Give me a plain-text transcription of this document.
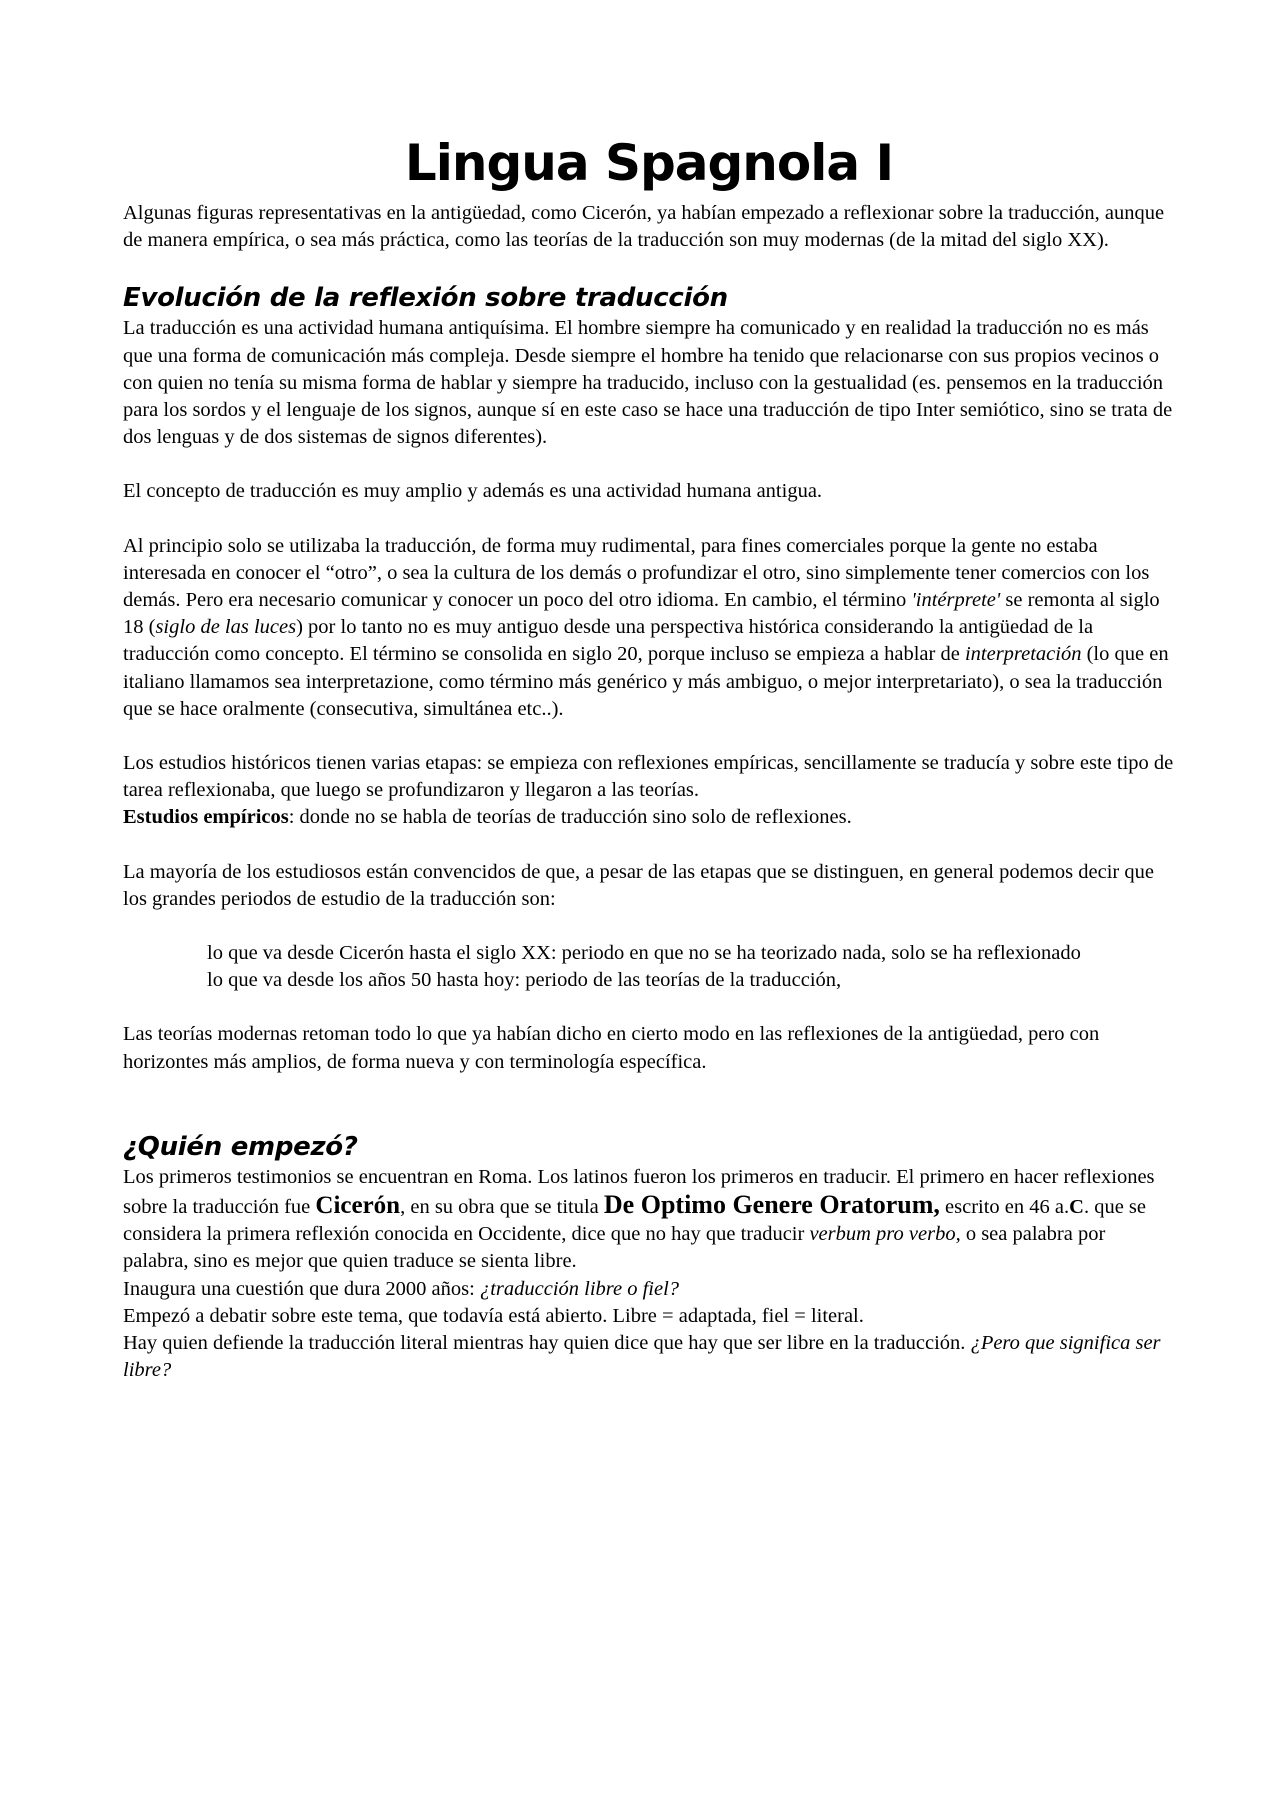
Lingua Spagnola I

Algunas figuras representativas en la antigüedad, como Cicerón, ya habían empezado a reflexionar sobre la traducción, aunque de manera empírica, o sea más práctica, como las teorías de la traducción son muy modernas (de la mitad del siglo XX).

Evolución de la reflexión sobre traducción

La traducción es una actividad humana antiquísima. El hombre siempre ha comunicado y en realidad la traducción no es más que una forma de comunicación más compleja. Desde siempre el hombre ha tenido que relacionarse con sus propios vecinos o con quien no tenía su misma forma de hablar y siempre ha traducido, incluso con la gestualidad (es. pensemos en la traducción para los sordos y el lenguaje de los signos, aunque sí en este caso se hace una traducción de tipo Inter semiótico, sino se trata de dos lenguas y de dos sistemas de signos diferentes).

El concepto de traducción es muy amplio y además es una actividad humana antigua.

Al principio solo se utilizaba la traducción, de forma muy rudimental, para fines comerciales porque la gente no estaba interesada en conocer el “otro”, o sea la cultura de los demás o profundizar el otro, sino simplemente tener comercios con los demás. Pero era necesario comunicar y conocer un poco del otro idioma. En cambio, el término 'intérprete' se remonta al siglo 18 (siglo de las luces) por lo tanto no es muy antiguo desde una perspectiva histórica considerando la antigüedad de la traducción como concepto. El término se consolida en siglo 20, porque incluso se empieza a hablar de interpretación (lo que en italiano llamamos sea interpretazione, como término más genérico y más ambiguo, o mejor interpretariato), o sea la traducción que se hace oralmente (consecutiva, simultánea etc..).

Los estudios históricos tienen varias etapas: se empieza con reflexiones empíricas, sencillamente se traducía y sobre este tipo de tarea reflexionaba, que luego se profundizaron y llegaron a las teorías.

Estudios empíricos: donde no se habla de teorías de traducción sino solo de reflexiones.

La mayoría de los estudiosos están convencidos de que, a pesar de las etapas que se distinguen, en general podemos decir que los grandes periodos de estudio de la traducción son:

lo que va desde Cicerón hasta el siglo XX: periodo en que no se ha teorizado nada, solo se ha reflexionado

lo que va desde los años 50 hasta hoy: periodo de las teorías de la traducción,

Las teorías modernas retoman todo lo que ya habían dicho en cierto modo en las reflexiones de la antigüedad, pero con horizontes más amplios, de forma nueva y con terminología específica.

¿Quién empezó?

Los primeros testimonios se encuentran en Roma. Los latinos fueron los primeros en traducir. El primero en hacer reflexiones sobre la traducción fue Cicerón, en su obra que se titula De Optimo Genere Oratorum, escrito en 46 a.C. que se considera la primera reflexión conocida en Occidente, dice que no hay que traducir verbum pro verbo, o sea palabra por palabra, sino es mejor que quien traduce se sienta libre.

Inaugura una cuestión que dura 2000 años: ¿traducción libre o fiel?

Empezó a debatir sobre este tema, que todavía está abierto. Libre = adaptada, fiel = literal.

Hay quien defiende la traducción literal mientras hay quien dice que hay que ser libre en la traducción. ¿Pero que significa ser libre?
